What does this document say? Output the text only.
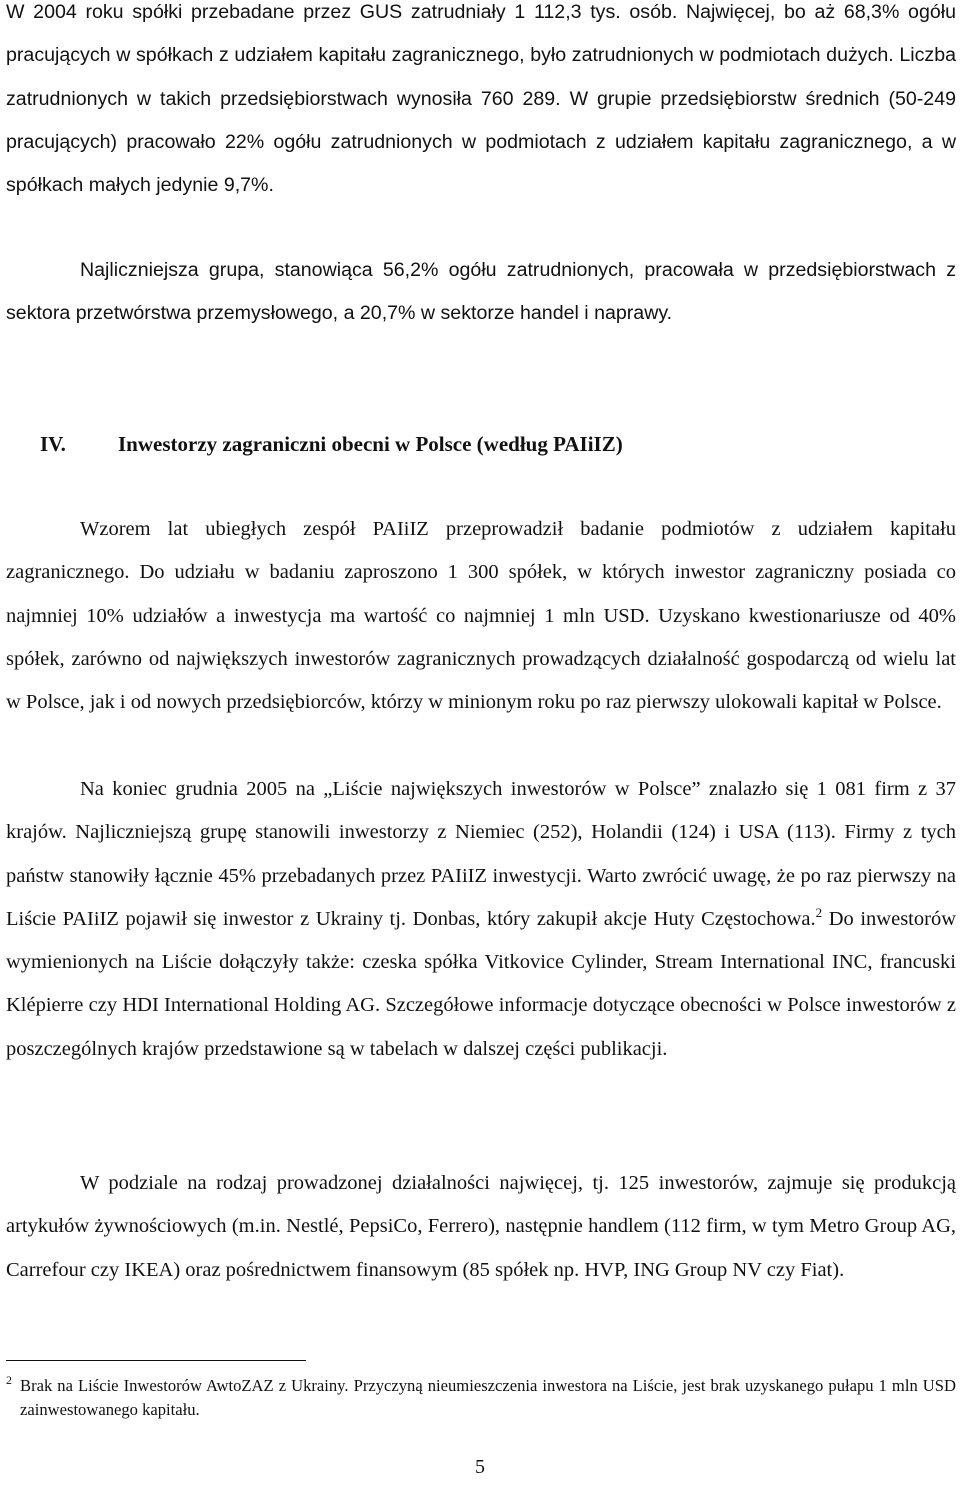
W 2004 roku spółki przebadane przez GUS zatrudniały 1 112,3 tys. osób. Najwięcej, bo aż 68,3% ogółu pracujących w spółkach z udziałem kapitału zagranicznego, było zatrudnionych w podmiotach dużych. Liczba zatrudnionych w takich przedsiębiorstwach wynosiła 760 289. W grupie przedsiębiorstw średnich (50-249 pracujących) pracowało 22% ogółu zatrudnionych w podmiotach z udziałem kapitału zagranicznego, a w spółkach małych jedynie 9,7%.

Najliczniejsza grupa, stanowiąca 56,2% ogółu zatrudnionych, pracowała w przedsiębiorstwach z sektora przetwórstwa przemysłowego, a 20,7% w sektorze handel i naprawy.

IV. Inwestorzy zagraniczni obecni w Polsce (według PAIiIZ)

Wzorem lat ubiegłych zespół PAIiIZ przeprowadził badanie podmiotów z udziałem kapitału zagranicznego. Do udziału w badaniu zaproszono 1 300 spółek, w których inwestor zagraniczny posiada co najmniej 10% udziałów a inwestycja ma wartość co najmniej 1 mln USD. Uzyskano kwestionariusze od 40% spółek, zarówno od największych inwestorów zagranicznych prowadzących działalność gospodarczą od wielu lat w Polsce, jak i od nowych przedsiębiorców, którzy w minionym roku po raz pierwszy ulokowali kapitał w Polsce.

Na koniec grudnia 2005 na „Liście największych inwestorów w Polsce” znalazło się 1 081 firm z 37 krajów. Najliczniejszą grupę stanowili inwestorzy z Niemiec (252), Holandii (124) i USA (113). Firmy z tych państw stanowiły łącznie 45% przebadanych przez PAIiIZ inwestycji. Warto zwrócić uwagę, że po raz pierwszy na Liście PAIiIZ pojawił się inwestor z Ukrainy tj. Donbas, który zakupił akcje Huty Częstochowa.$^2$ Do inwestorów wymienionych na Liście dołączyły także: czeska spółka Vitkovice Cylinder, Stream International INC, francuski Klépierre czy HDI International Holding AG. Szczegółowe informacje dotyczące obecności w Polsce inwestorów z poszczególnych krajów przedstawione są w tabelach w dalszej części publikacji.

W podziale na rodzaj prowadzonej działalności najwięcej, tj. 125 inwestorów, zajmuje się produkcją artykułów żywnościowych (m.in. Nestlé, PepsiCo, Ferrero), następnie handlem (112 firm, w tym Metro Group AG, Carrefour czy IKEA) oraz pośrednictwem finansowym (85 spółek np. HVP, ING Group NV czy Fiat).

2 Brak na Liście Inwestorów AwtoZAZ z Ukrainy. Przyczyną nieumieszczenia inwestora na Liście, jest brak uzyskanego pułapu 1 mln USD zainwestowanego kapitału.

5
